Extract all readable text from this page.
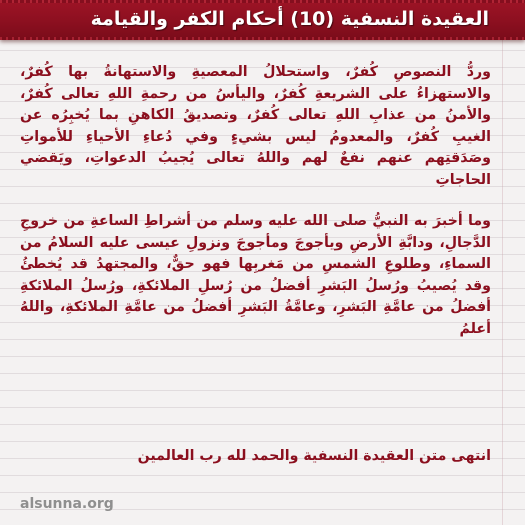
العقيدة النسفية (10) أحكام الكفر والقيامة

وردُّ النصوصِ كُفرٌ، واستحلالُ المعصيةِ والاستهانةُ بها كُفرٌ، والاستهزاءُ على الشريعةِ كُفرٌ، واليأسُ من رحمةِ اللهِ تعالى كُفرٌ، والأمنُ من عذابِ اللهِ تعالى كُفرٌ، وتصديقُ الكاهنِ بما يُخبِرُه عن الغيبِ كُفرٌ، والمعدومُ ليس بشيءٍ وفي دُعاءِ الأحياءِ للأمواتِ وصَدَقتِهم عنهم نفعٌ لهم واللهُ تعالى يُجيبُ الدعواتِ، ويَقضي الحاجاتِ

وما أخبرَ به النبيُّ صلى الله عليه وسلم من أشراطِ الساعةِ من خروجِ الدَّجالِ، ودابَّةِ الأرضِ ويأجوجَ ومأجوجَ ونزولِ عيسى عليه السلامُ من السماءِ، وطلوعِ الشمسِ من مَغربِها فهو حقٌّ، والمجتهدُ قد يُخطئُ وقد يُصيبُ ورُسلُ البَشرِ أفضلُ من رُسلِ الملائكةِ، ورُسلُ الملائكةِ أفضلُ من عامَّةِ البَشرِ، وعامَّةُ البَشرِ أفضلُ من عامَّةِ الملائكةِ، واللهُ أعلمُ

انتهى متن العقيدة النسفية والحمد لله رب العالمين
alsunna.org
